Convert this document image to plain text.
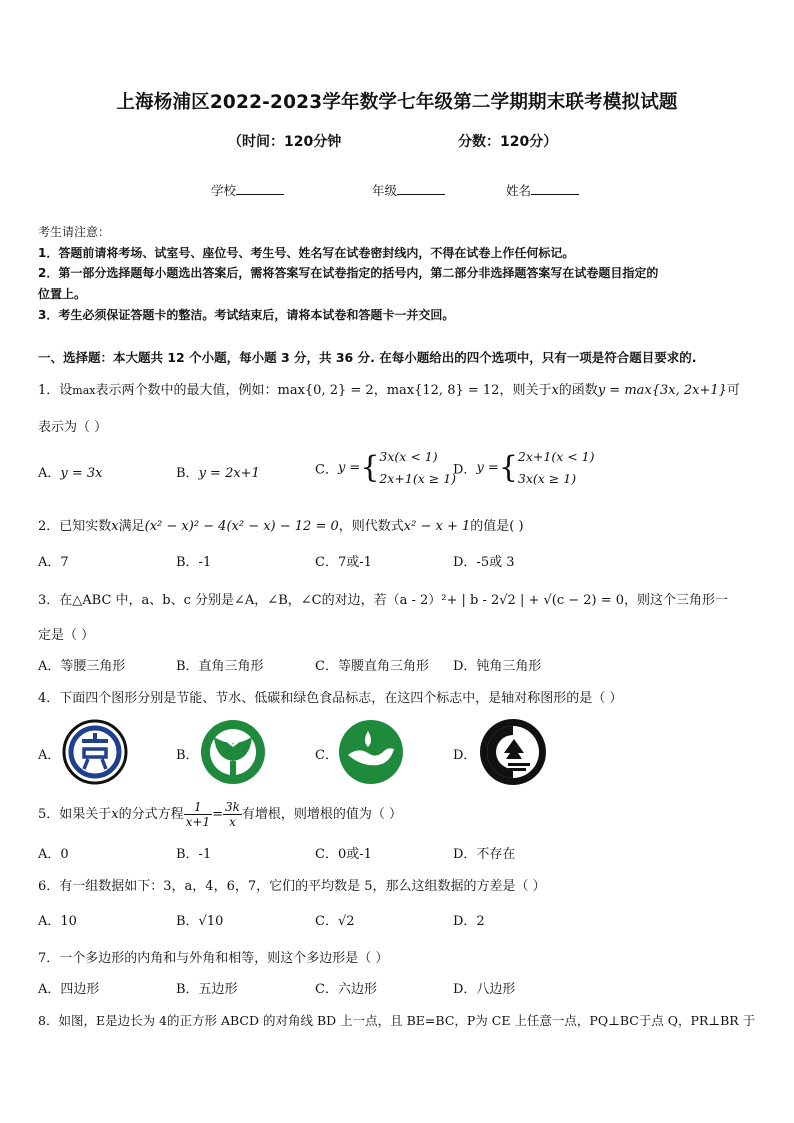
上海杨浦区2022-2023学年数学七年级第二学期期末联考模拟试题
（时间：120分钟	分数：120分）
学校	年级	姓名
考生请注意：
1．答题前请将考场、试室号、座位号、考生号、姓名写在试卷密封线内，不得在试卷上作任何标记。
2．第一部分选择题每小题选出答案后，需将答案写在试卷指定的括号内，第二部分非选择题答案写在试卷题目指定的
位置上。
3．考生必须保证答题卡的整洁。考试结束后，请将本试卷和答题卡一并交回。
一、选择题：本大题共 12 个小题，每小题 3 分，共 36 分. 在每小题给出的四个选项中，只有一项是符合题目要求的.
1．设max表示两个数中的最大值，例如：max{0, 2} = 2，max{12, 8} = 12，则关于x的函数y = max{3x, 2x+1}可
表示为（ ）
A．y = 3x	B．y = 2x+1	C．y ={ 3x(x < 1)
2x+1(x ≥ 1)
D．y ={ 2x+1(x < 1)
3x(x ≥ 1)
2．已知实数x满足(x² − x)² − 4(x² − x) − 12 = 0，则代数式x² − x + 1的值是( )
A．7	B．-1	C．7或-1	D．-5或 3
3．在△ABC 中，a、b、c 分别是∠A，∠B，∠C的对边，若（a - 2）²+ | b - 2√2 | + √(c − 2) = 0，则这个三角形一
定是（ ）
A．等腰三角形	B．直角三角形	C．等腰直角三角形 D．钝角三角形
4．下面四个图形分别是节能、节水、低碳和绿色食品标志，在这四个标志中，是轴对称图形的是（ ）
A．	B．	C．	D．
5．如果关于x的分式方程 $\frac{1}{x+1} = \frac{3k}{x}$ 有增根，则增根的值为（ ）
A．0	B．-1	C．0或-1	D．不存在
6．有一组数据如下：3，a，4，6，7，它们的平均数是 5，那么这组数据的方差是（ ）
A．10	B．√10	C．√2	D．2
7．一个多边形的内角和与外角和相等，则这个多边形是（ ）
A．四边形	B．五边形	C．六边形	D．八边形
8．如图，E是边长为 4的正方形 ABCD 的对角线 BD 上一点，且 BE=BC，P为 CE 上任意一点，PQ⊥BC于点 Q，PR⊥BR 于
